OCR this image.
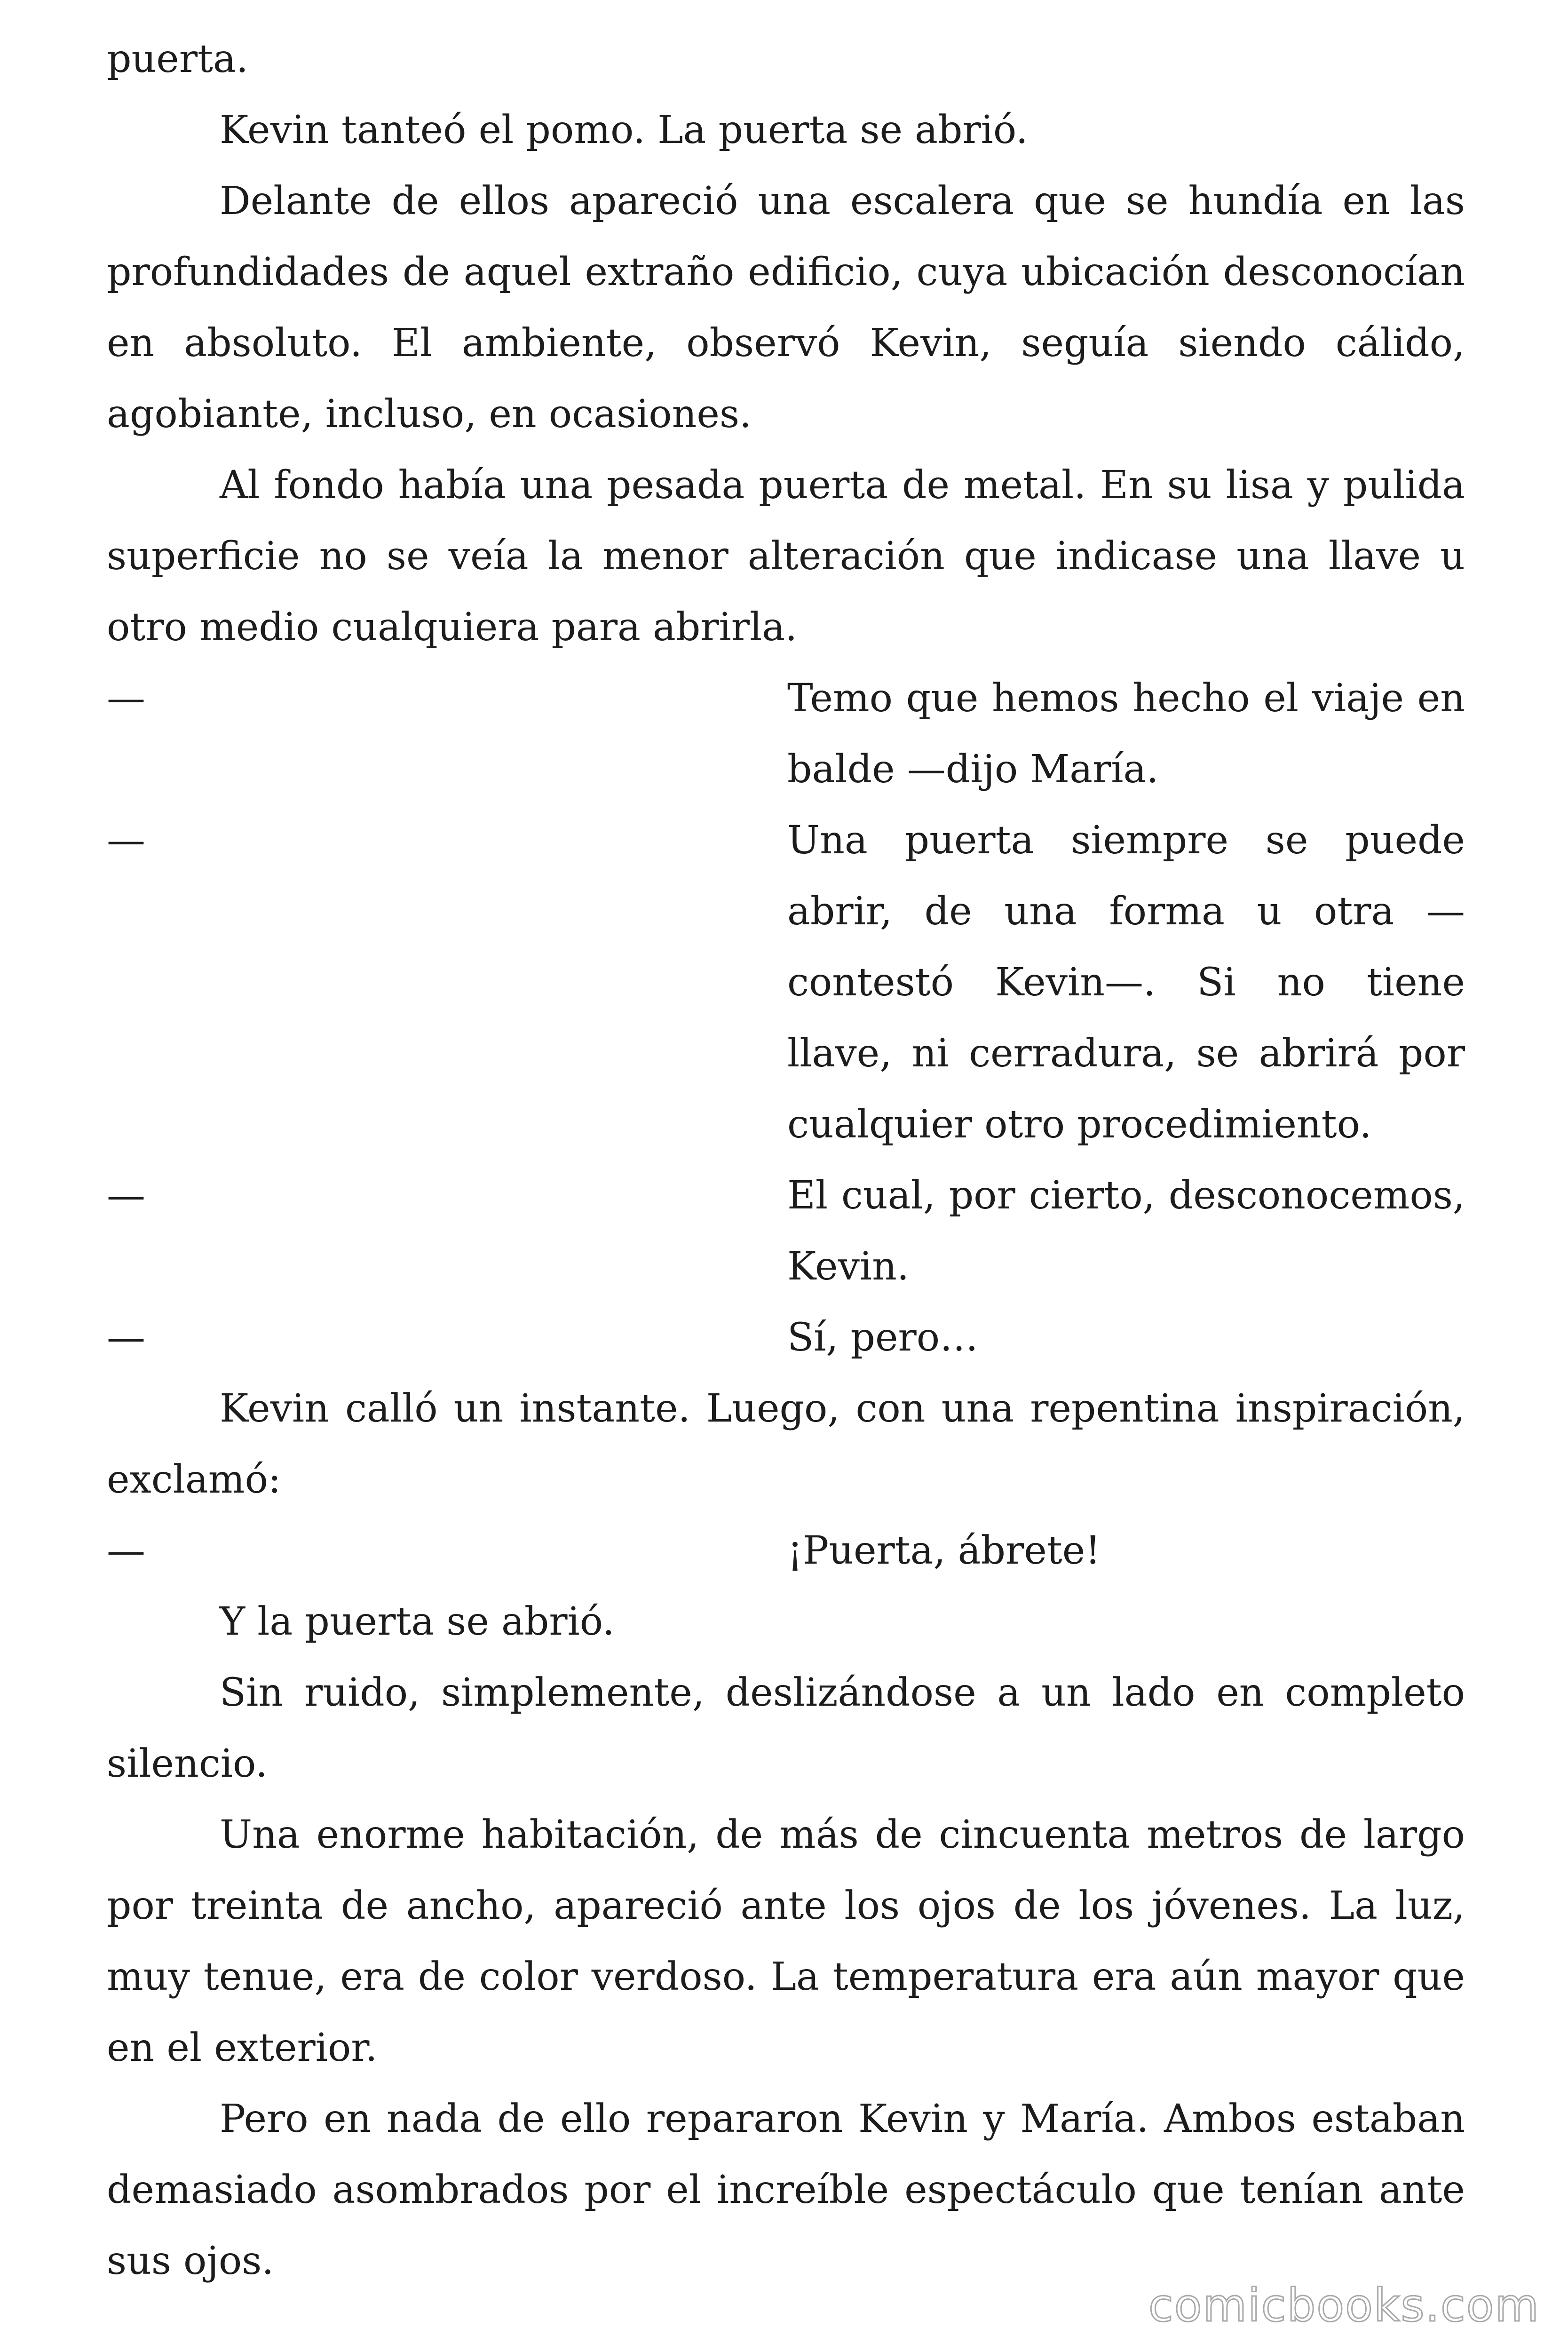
puerta.

Kevin tanteó el pomo. La puerta se abrió.

Delante de ellos apareció una escalera que se hundía en las profundidades de aquel extraño edificio, cuya ubicación desconocían en absoluto. El ambiente, observó Kevin, seguía siendo cálido, agobiante, incluso, en ocasiones.

Al fondo había una pesada puerta de metal. En su lisa y pulida superficie no se veía la menor alteración que indicase una llave u otro medio cualquiera para abrirla.

—	Temo que hemos hecho el viaje en balde —dijo María.
—	Una puerta siempre se puede abrir, de una forma u otra —contestó Kevin—. Si no tiene llave, ni cerradura, se abrirá por cualquier otro procedimiento.
—	El cual, por cierto, desconocemos, Kevin.
—	Sí, pero…

Kevin calló un instante. Luego, con una repentina inspiración, exclamó:

—	¡Puerta, ábrete!

Y la puerta se abrió.

Sin ruido, simplemente, deslizándose a un lado en completo silencio.

Una enorme habitación, de más de cincuenta metros de largo por treinta de ancho, apareció ante los ojos de los jóvenes. La luz, muy tenue, era de color verdoso. La temperatura era aún mayor que en el exterior.

Pero en nada de ello repararon Kevin y María. Ambos estaban demasiado asombrados por el increíble espectáculo que tenían ante sus ojos.

comicbooks.com
